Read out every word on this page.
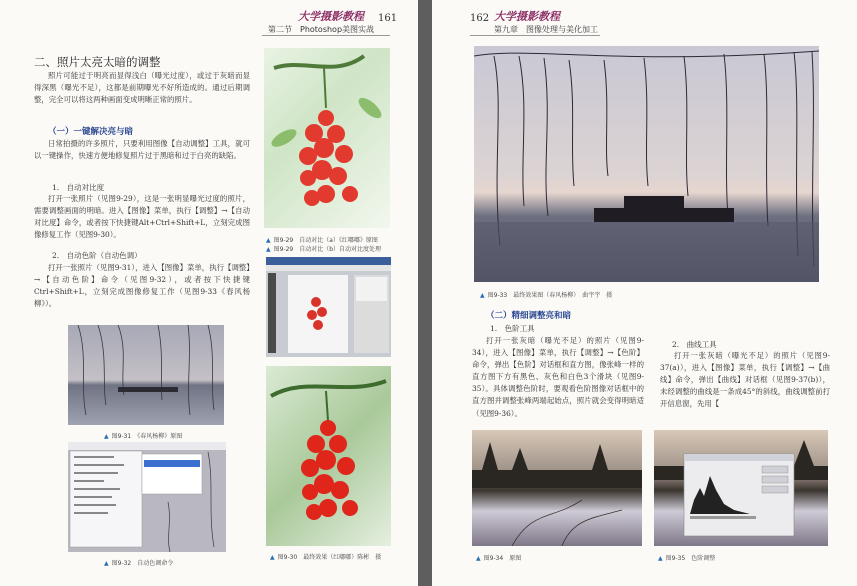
大学摄影教程 161
第二节　Photoshop美图实战
二、照片太亮太暗的调整

照片可能过于明亮而显得浅白（曝光过度），或过于灰暗而显得深黑（曝光不足），这都是前期曝光不好所造成的。通过后期调整，完全可以将这两种画面变成明晰正常的照片。

（一）一键解决亮与暗

日常拍摄的许多照片，只要利用图像【自动调整】工具，就可以一键操作，快速方便地修复照片过于黑暗和过于白亮的缺陷。

1.　自动对比度

打开一张照片（见图9-29），这是一张明显曝光过度的照片，需要调整画面的明暗。进入【图像】菜单，执行【调整】→【自动对比度】命令，或者按下快捷键Alt+Ctrl+Shift+L，立刻完成图像修复工作（见图9-30）。

2.　自动色阶（自动色调）

打开一张照片（见图9-31），进入【图像】菜单，执行【调整】→【自动色阶】命令（见图9-32），或者按下快捷键Ctrl+Shift+L，立刻完成图像修复工作（见图9-33《春风杨柳》）。

▲ 图9-29　自动对比（a）《红嘟嘟》原图
▲ 图9-29　自动对比（b）自动对比度处理
▲ 图9-30　最终效果（红嘟嘟）陈彬　摄
▲ 图9-31　《春风杨柳》原图
▲ 图9-32　自动色调命令
162 大学摄影教程
第九章　图像处理与美化加工
▲ 图9-33　最终效果图（春风杨柳）　曲宇宇　摄
（二）精细调整亮和暗
1.　色阶工具
打开一张灰暗（曝光不足）的照片（见图9-34），进入【图像】菜单，执行【调整】→【色阶】命令，弹出【色阶】对话框和直方图，像张峰一样的直方图下方有黑色、灰色和白色3个滑块（见图9-35）。具体调整色阶时，要观看色阶图像对话框中的直方图并调整张峰两端起始点，照片就会变得明暗适（见图9-36）。
2.　曲线工具

打开一张灰暗（曝光不足）的照片（见图9-37(a)），进入【图像】菜单，执行【调整】→【曲线】命令，弹出【曲线】对话框（见图9-37(b)），未经调整的曲线是一条成45°的斜线，曲线调整前打开信息窗，先用【

▲ 图9-34　原图	▲ 图9-35　色阶调整
